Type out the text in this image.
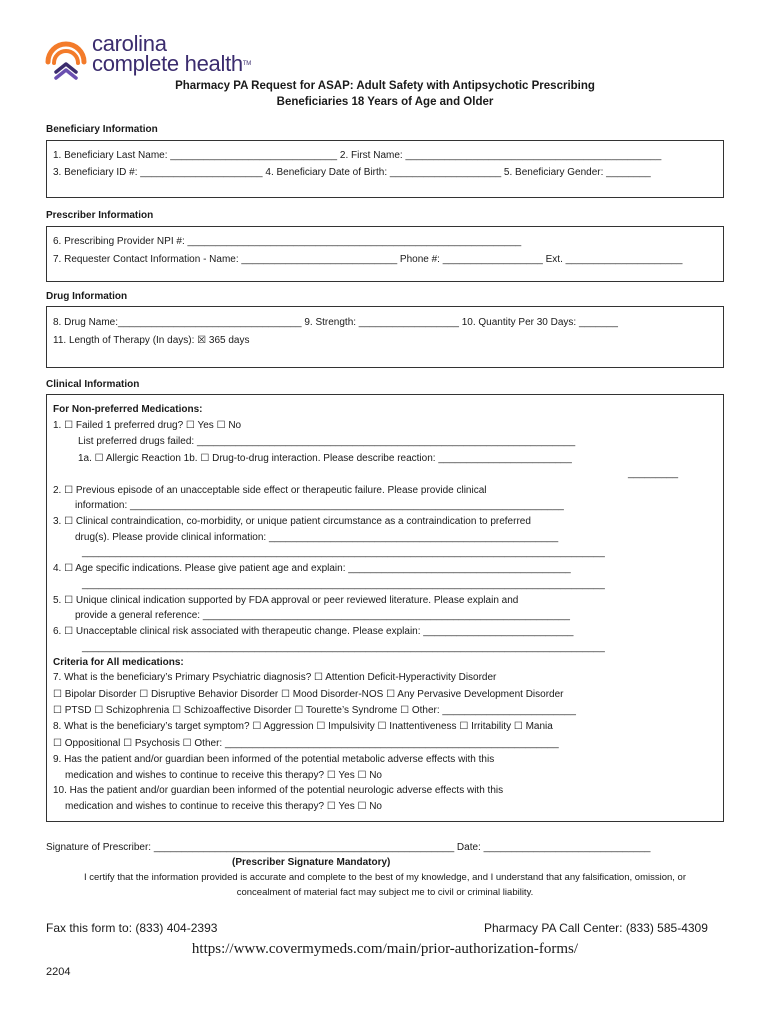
carolina
complete healthTM
Pharmacy PA Request for ASAP: Adult Safety with Antipsychotic Prescribing
Beneficiaries 18 Years of Age and Older
Beneficiary Information
1. Beneficiary Last Name: ______________________________ 2. First Name: ______________________________________________
3. Beneficiary ID #: ______________________ 4. Beneficiary Date of Birth: ____________________ 5. Beneficiary Gender: ________
Prescriber Information
6. Prescribing Provider NPI #: ____________________________________________________________
7. Requester Contact Information - Name: ____________________________ Phone #: __________________ Ext. _____________________
Drug Information
8. Drug Name:_________________________________ 9. Strength: __________________ 10. Quantity Per 30 Days: _______
11. Length of Therapy (In days): ☒ 365 days
Clinical Information
For Non-preferred Medications:
1. ☐ Failed 1 preferred drug? ☐ Yes ☐ No
List preferred drugs failed: ____________________________________________________________________
1a. ☐ Allergic Reaction 1b. ☐ Drug-to-drug interaction. Please describe reaction: ________________________
_________
2. ☐ Previous episode of an unacceptable side effect or therapeutic failure. Please provide clinical
information: ______________________________________________________________________________
3. ☐ Clinical contraindication, co-morbidity, or unique patient circumstance as a contraindication to preferred
drug(s). Please provide clinical information: ____________________________________________________
______________________________________________________________________________________________
4. ☐ Age specific indications. Please give patient age and explain: ________________________________________
______________________________________________________________________________________________
5. ☐ Unique clinical indication supported by FDA approval or peer reviewed literature. Please explain and
provide a general reference: __________________________________________________________________
6. ☐ Unacceptable clinical risk associated with therapeutic change. Please explain: ___________________________
______________________________________________________________________________________________
Criteria for All medications:
7. What is the beneficiary’s Primary Psychiatric diagnosis? ☐ Attention Deficit-Hyperactivity Disorder
☐ Bipolar Disorder ☐ Disruptive Behavior Disorder ☐ Mood Disorder-NOS ☐ Any Pervasive Development Disorder
☐ PTSD ☐ Schizophrenia ☐ Schizoaffective Disorder ☐ Tourette’s Syndrome ☐ Other: ________________________
8. What is the beneficiary’s target symptom? ☐ Aggression ☐ Impulsivity ☐ Inattentiveness ☐ Irritability ☐ Mania
☐ Oppositional ☐ Psychosis ☐ Other: ____________________________________________________________
9. Has the patient and/or guardian been informed of the potential metabolic adverse effects with this
medication and wishes to continue to receive this therapy? ☐ Yes ☐ No
10. Has the patient and/or guardian been informed of the potential neurologic adverse effects with this
medication and wishes to continue to receive this therapy? ☐ Yes ☐ No
Signature of Prescriber: ______________________________________________________ Date: ______________________________
(Prescriber Signature Mandatory)
I certify that the information provided is accurate and complete to the best of my knowledge, and I understand that any falsification, omission, or
concealment of material fact may subject me to civil or criminal liability.
Fax this form to: (833) 404-2393	Pharmacy PA Call Center: (833) 585-4309
https://www.covermymeds.com/main/prior-authorization-forms/
2204
